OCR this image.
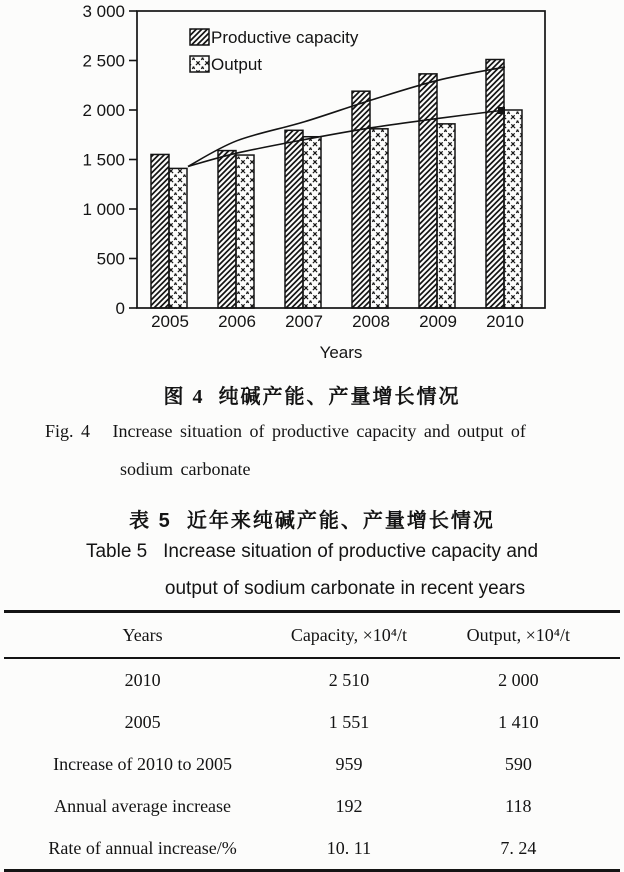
0
500
1 000
1 500
2 000
2 500
3 000
2005 2006 2007 2008 2009 2010
Years
Productive capacity
Output
图 4  纯碱产能、产量增长情况
Fig. 4   Increase situation of productive capacity and output of
sodium carbonate
表 5  近年来纯碱产能、产量增长情况
Table 5   Increase situation of productive capacity and
output of sodium carbonate in recent years
Years	Capacity, ×10⁴/t	Output, ×10⁴/t
2010	2 510	2 000
2005	1 551	1 410
Increase of 2010 to 2005	959	590
Annual average increase	192	118
Rate of annual increase/%	10. 11	7. 24
